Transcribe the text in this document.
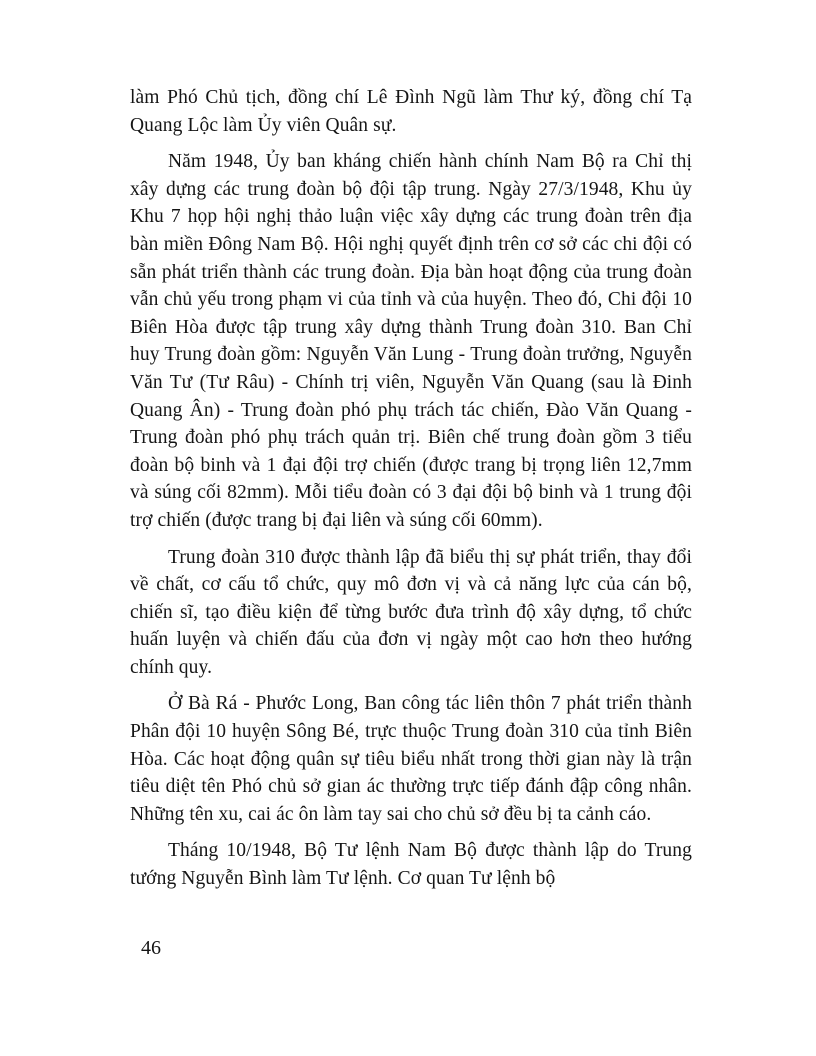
làm Phó Chủ tịch, đồng chí Lê Đình Ngũ làm Thư ký, đồng chí Tạ Quang Lộc làm Ủy viên Quân sự.

Năm 1948, Ủy ban kháng chiến hành chính Nam Bộ ra Chỉ thị xây dựng các trung đoàn bộ đội tập trung. Ngày 27/3/1948, Khu ủy Khu 7 họp hội nghị thảo luận việc xây dựng các trung đoàn trên địa bàn miền Đông Nam Bộ. Hội nghị quyết định trên cơ sở các chi đội có sẵn phát triển thành các trung đoàn. Địa bàn hoạt động của trung đoàn vẫn chủ yếu trong phạm vi của tỉnh và của huyện. Theo đó, Chi đội 10 Biên Hòa được tập trung xây dựng thành Trung đoàn 310. Ban Chỉ huy Trung đoàn gồm: Nguyễn Văn Lung - Trung đoàn trưởng, Nguyễn Văn Tư (Tư Râu) - Chính trị viên, Nguyễn Văn Quang (sau là Đinh Quang Ân) - Trung đoàn phó phụ trách tác chiến, Đào Văn Quang - Trung đoàn phó phụ trách quản trị. Biên chế trung đoàn gồm 3 tiểu đoàn bộ binh và 1 đại đội trợ chiến (được trang bị trọng liên 12,7mm và súng cối 82mm). Mỗi tiểu đoàn có 3 đại đội bộ binh và 1 trung đội trợ chiến (được trang bị đại liên và súng cối 60mm).

Trung đoàn 310 được thành lập đã biểu thị sự phát triển, thay đổi về chất, cơ cấu tổ chức, quy mô đơn vị và cả năng lực của cán bộ, chiến sĩ, tạo điều kiện để từng bước đưa trình độ xây dựng, tổ chức huấn luyện và chiến đấu của đơn vị ngày một cao hơn theo hướng chính quy.

Ở Bà Rá - Phước Long, Ban công tác liên thôn 7 phát triển thành Phân đội 10 huyện Sông Bé, trực thuộc Trung đoàn 310 của tỉnh Biên Hòa. Các hoạt động quân sự tiêu biểu nhất trong thời gian này là trận tiêu diệt tên Phó chủ sở gian ác thường trực tiếp đánh đập công nhân. Những tên xu, cai ác ôn làm tay sai cho chủ sở đều bị ta cảnh cáo.

Tháng 10/1948, Bộ Tư lệnh Nam Bộ được thành lập do Trung tướng Nguyễn Bình làm Tư lệnh. Cơ quan Tư lệnh bộ

46
